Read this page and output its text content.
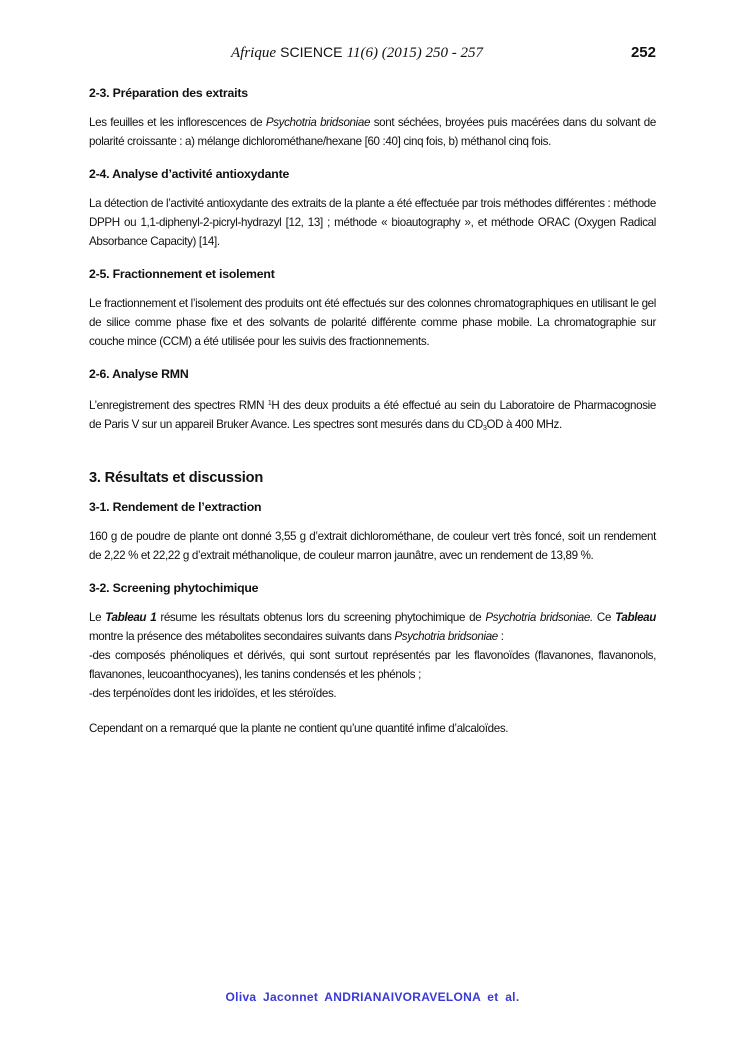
Afrique SCIENCE 11(6) (2015) 250 - 257	252
2-3. Préparation des extraits

Les feuilles et les inflorescences de Psychotria bridsoniae sont séchées, broyées puis macérées dans du solvant de polarité croissante : a) mélange dichlorométhane/hexane [60 :40] cinq fois, b) méthanol cinq fois.

2-4. Analyse d’activité antioxydante

La détection de l’activité antioxydante des extraits de la plante a été effectuée par trois méthodes différentes : méthode DPPH ou 1,1-diphenyl-2-picryl-hydrazyl [12, 13] ; méthode « bioautography », et méthode ORAC (Oxygen Radical Absorbance Capacity) [14].

2-5. Fractionnement et isolement

Le fractionnement et l’isolement des produits ont été effectués sur des colonnes chromatographiques en utilisant le gel de silice comme phase fixe et des solvants de polarité différente comme phase mobile. La chromatographie sur couche mince (CCM) a été utilisée pour les suivis des fractionnements.

2-6. Analyse RMN

L’enregistrement des spectres RMN $^1$H des deux produits a été effectué au sein du Laboratoire de Pharmacognosie de Paris V sur un appareil Bruker Avance. Les spectres sont mesurés dans du $CD_3OD$ à 400 MHz.

3. Résultats et discussion
3-1. Rendement de l’extraction

160 g de poudre de plante ont donné 3,55 g d’extrait dichlorométhane, de couleur vert très foncé, soit un rendement de 2,22 % et 22,22 g d’extrait méthanolique, de couleur marron jaunâtre, avec un rendement de 13,89 %.

3-2. Screening phytochimique

Le Tableau 1 résume les résultats obtenus lors du screening phytochimique de Psychotria bridsoniae. Ce Tableau montre la présence des métabolites secondaires suivants dans Psychotria bridsoniae :

-des composés phénoliques et dérivés, qui sont surtout représentés par les flavonoïdes (flavanones, flavanonols, flavanones, leucoanthocyanes), les tanins condensés et les phénols ;

-des terpénoïdes dont les iridoïdes, et les stéroïdes.

Cependant on a remarqué que la plante ne contient qu’une quantité infime d’alcaloïdes.

Oliva Jaconnet ANDRIANAIVORAVELONA et al.
